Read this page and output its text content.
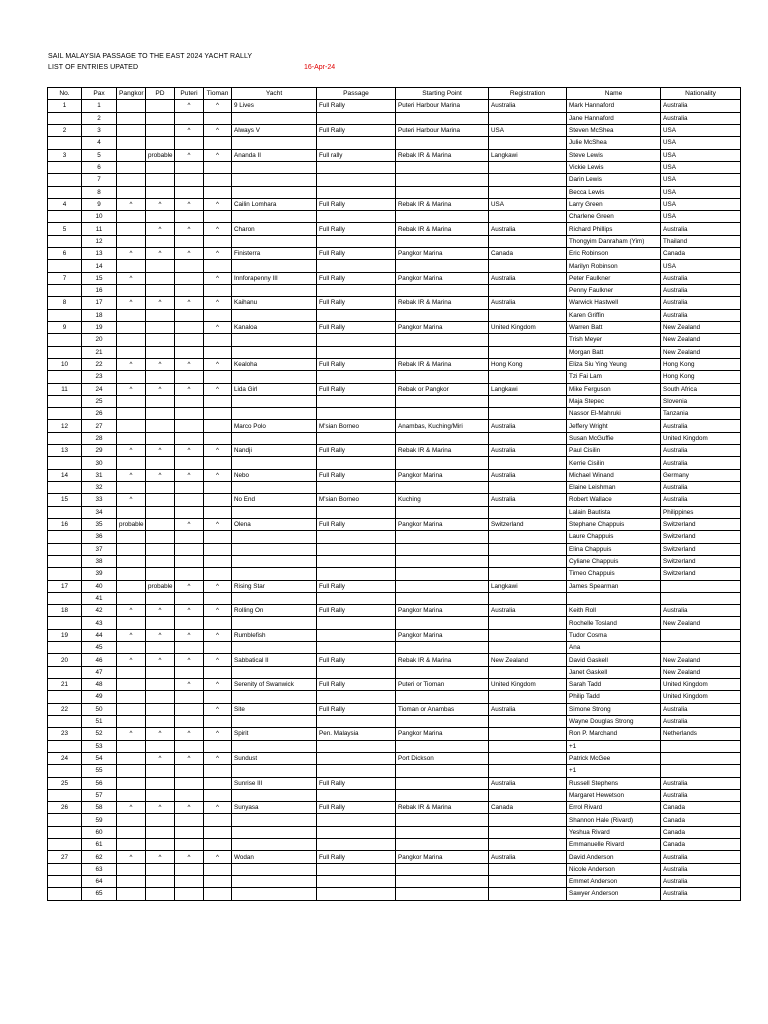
SAIL MALAYSIA PASSAGE TO THE EAST 2024 YACHT RALLY
LIST OF ENTRIES UPATED	16-Apr-24
No.	Pax	Pangkor	PD	Puteri	Tioman	Yacht	Passage	Starting Point	Registration	Name	Nationality
1	1			^	^	9 Lives	Full Rally	Puteri Harbour Marina	Australia	Mark Hannaford	Australia
	2									Jane Hannaford	Australia
2	3			^	^	Always V	Full Rally	Puteri Harbour Marina	USA	Steven McShea	USA
	4									Julie McShea	USA
3	5		probable	^	^	Ananda II	Full rally	Rebak IR & Marina	Langkawi	Steve Lewis	USA
	6									Vickie Lewis	USA
	7									Darin Lewis	USA
	8									Becca Lewis	USA
4	9	^	^	^	^	Cailin Lomhara	Full Rally	Rebak IR & Marina	USA	Larry Green	USA
	10									Charlene Green	USA
5	11		^	^	^	Charon	Full Rally	Rebak IR & Marina	Australia	Richard Phillips	Australia
	12									Thongyim Danraham (Yim)	Thailand
6	13	^	^	^	^	Finisterra	Full Rally	Pangkor Marina	Canada	Eric Robinson	Canada
	14									Marilyn Robinson	USA
7	15	^			^	Innforapenny III	Full Rally	Pangkor Marina	Australia	Peter Faulkner	Australia
	16									Penny Faulkner	Australia
8	17	^	^	^	^	Kaihanu	Full Rally	Rebak IR & Marina	Australia	Warwick Hastwell	Australia
	18									Karen Griffin	Australia
9	19				^	Kanaloa	Full Rally	Pangkor Marina	United Kingdom	Warren Batt	New Zealand
	20									Trish Meyer	New Zealand
	21									Morgan Batt	New Zealand
10	22	^	^	^	^	Kealoha	Full Rally	Rebak IR & Marina	Hong Kong	Eliza Siu Ying Yeung	Hong Kong
	23									Tzi Fai Lam	Hong Kong
11	24	^	^	^	^	Lida Girl	Full Rally	Rebak or Pangkor	Langkawi	Mike Ferguson	South Africa
	25									Maja Stepec	Slovenia
	26									Nassor El-Mahruki	Tanzania
12	27					Marco Polo	M'sian Borneo	Anambas, Kuching/Miri	Australia	Jeffery Wright	Australia
	28									Susan McGuffie	United Kingdom
13	29	^	^	^	^	Nandji	Full Rally	Rebak IR & Marina	Australia	Paul Cisilin	Australia
	30									Kerrie Cisilin	Australia
14	31	^	^	^	^	Nebo	Full Rally	Pangkor Marina	Australia	Michael Winand	Germany
	32									Elaine Leishman	Australia
15	33	^				No End	M'sian Borneo	Kuching	Australia	Robert Wallace	Australia
	34									Lalain Bautista	Philippines
16	35	probable		^	^	Olena	Full Rally	Pangkor Marina	Switzerland	Stephane Chappuis	Switzerland
	36									Laure Chappuis	Switzerland
	37									Elina Chappuis	Switzerland
	38									Cyliane Chappuis	Switzerland
	39									Timeo Chappuis	Switzerland
17	40		probable	^	^	Rising Star	Full Rally		Langkawi	James Spearman	
	41										
18	42	^	^	^	^	Rolling On	Full Rally	Pangkor Marina	Australia	Keith Roll	Australia
	43									Rochelle Tosland	New Zealand
19	44	^	^	^	^	Rumblefish		Pangkor Marina		Tudor Cosma	
	45									Ana	
20	46	^	^	^	^	Sabbatical II	Full Rally	Rebak IR & Marina	New Zealand	David Gaskell	New Zealand
	47									Janet Gaskell	New Zealand
21	48			^	^	Serenity of Swanwick	Full Rally	Puteri or Tioman	United Kingdom	Sarah Tadd	United Kingdom
	49									Philip Tadd	United Kingdom
22	50				^	Site	Full Rally	Tioman or Anambas	Australia	Simone Strong	Australia
	51									Wayne Douglas Strong	Australia
23	52	^	^	^	^	Spirit	Pen. Malaysia	Pangkor Marina		Ron P. Marchand	Netherlands
	53									+1	
24	54		^	^	^	Sundust		Port Dickson		Patrick McGee	
	55									+1	
25	56					Sunrise III	Full Rally		Australia	Russell Stephens	Australia
	57									Margaret Hewetson	Australia
26	58	^	^	^	^	Sunyasa	Full Rally	Rebak IR & Marina	Canada	Errol Rivard	Canada
	59									Shannon Hale (Rivard)	Canada
	60									Yeshua Rivard	Canada
	61									Emmanuelle Rivard	Canada
27	62	^	^	^	^	Wodan	Full Rally	Pangkor Marina	Australia	David Anderson	Australia
	63									Nicole Anderson	Australia
	64									Emmet Anderson	Australia
	65									Sawyer Anderson	Australia
